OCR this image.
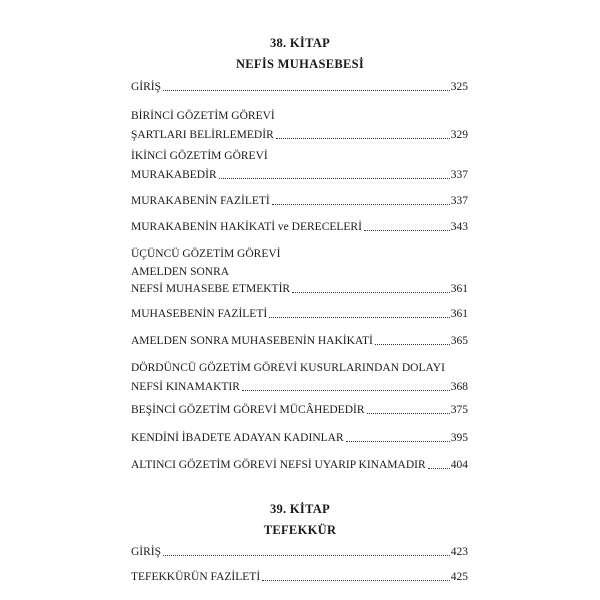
38. KİTAP
NEFİS MUHASEBESİ
GİRİŞ	325
BİRİNCİ GÖZETİM GÖREVİ
ŞARTLARI BELİRLEMEDİR	329
İKİNCİ GÖZETİM GÖREVİ
MURAKABEDİR	337
MURAKABENİN FAZİLETİ	337
MURAKABENİN HAKİKATİ ve DERECELERİ	343
ÜÇÜNCÜ GÖZETİM GÖREVİ
AMELDEN SONRA
NEFSİ MUHASEBE ETMEKTİR	361
MUHASEBENİN FAZİLETİ	361
AMELDEN SONRA MUHASEBENİN HAKİKATİ	365
DÖRDÜNCÜ GÖZETİM GÖREVİ KUSURLARINDAN DOLAYI
NEFSİ KINAMAKTIR	368
BEŞİNCİ GÖZETİM GÖREVİ MÜCÂHEDEDİR	375
KENDİNİ İBADETE ADAYAN KADINLAR	395
ALTINCI GÖZETİM GÖREVİ NEFSİ UYARIP KINAMADIR 404
39. KİTAP
TEFEKKÜR
GİRİŞ	423
TEFEKKÜRÜN FAZİLETİ	425
